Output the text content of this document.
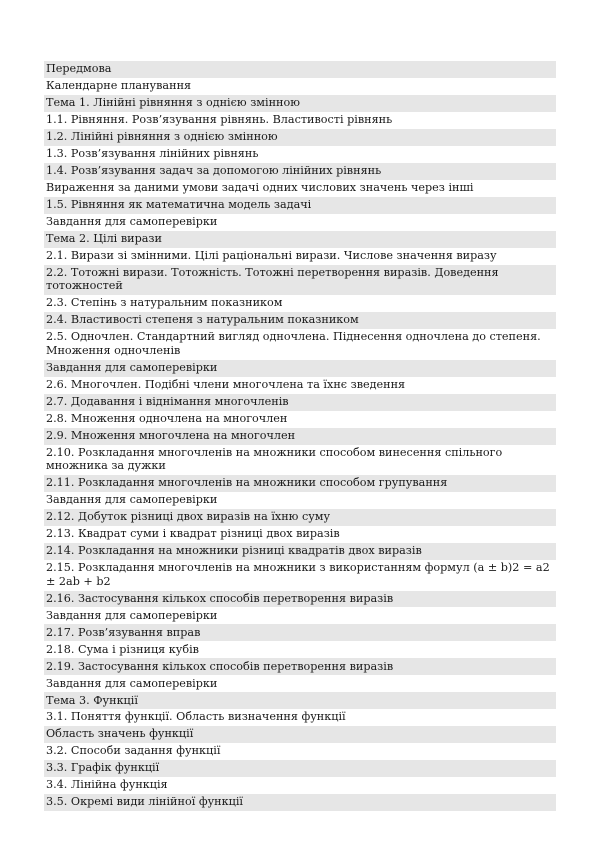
Передмова
Календарне планування
Тема 1. Лінійні рівняння з однією змінною
1.1. Рівняння. Розв’язування рівнянь. Властивості рівнянь
1.2. Лінійні рівняння з однією змінною
1.3. Розв’язування лінійних рівнянь
1.4. Розв’язування задач за допомогою лінійних рівнянь
Вираження за даними умови задачі одних числових значень через інші
1.5. Рівняння як математична модель задачі
Завдання для самоперевірки
Тема 2. Цілі вирази
2.1. Вирази зі змінними. Цілі раціональні вирази. Числове значення виразу
2.2. Тотожні вирази. Тотожність. Тотожні перетворення виразів. Доведення тотожностей
2.3. Степінь з натуральним показником
2.4. Властивості степеня з натуральним показником
2.5. Одночлен. Стандартний вигляд одночлена. Піднесення одночлена до степеня. Множення одночленів
Завдання для самоперевірки
2.6. Многочлен. Подібні члени многочлена та їхнє зведення
2.7. Додавання і віднімання многочленів
2.8. Множення одночлена на многочлен
2.9. Множення многочлена на многочлен
2.10. Розкладання многочленів на множники способом винесення спільного множника за дужки
2.11. Розкладання многочленів на множники способом групування
Завдання для самоперевірки
2.12. Добуток різниці двох виразів на їхню суму
2.13. Квадрат суми і квадрат різниці двох виразів
2.14. Розкладання на множники різниці квадратів двох виразів
2.15. Розкладання многочленів на множники з використанням формул (a ± b)2 = a2 ± 2ab + b2
2.16. Застосування кількох способів перетворення виразів
Завдання для самоперевірки
2.17. Розв’язування вправ
2.18. Сума і різниця кубів
2.19. Застосування кількох способів перетворення виразів
Завдання для самоперевірки
Тема 3. Функції
3.1. Поняття функції. Область визначення функції
Область значень функції
3.2. Способи задання функції
3.3. Графік функції
3.4. Лінійна функція
3.5. Окремі види лінійної функції
